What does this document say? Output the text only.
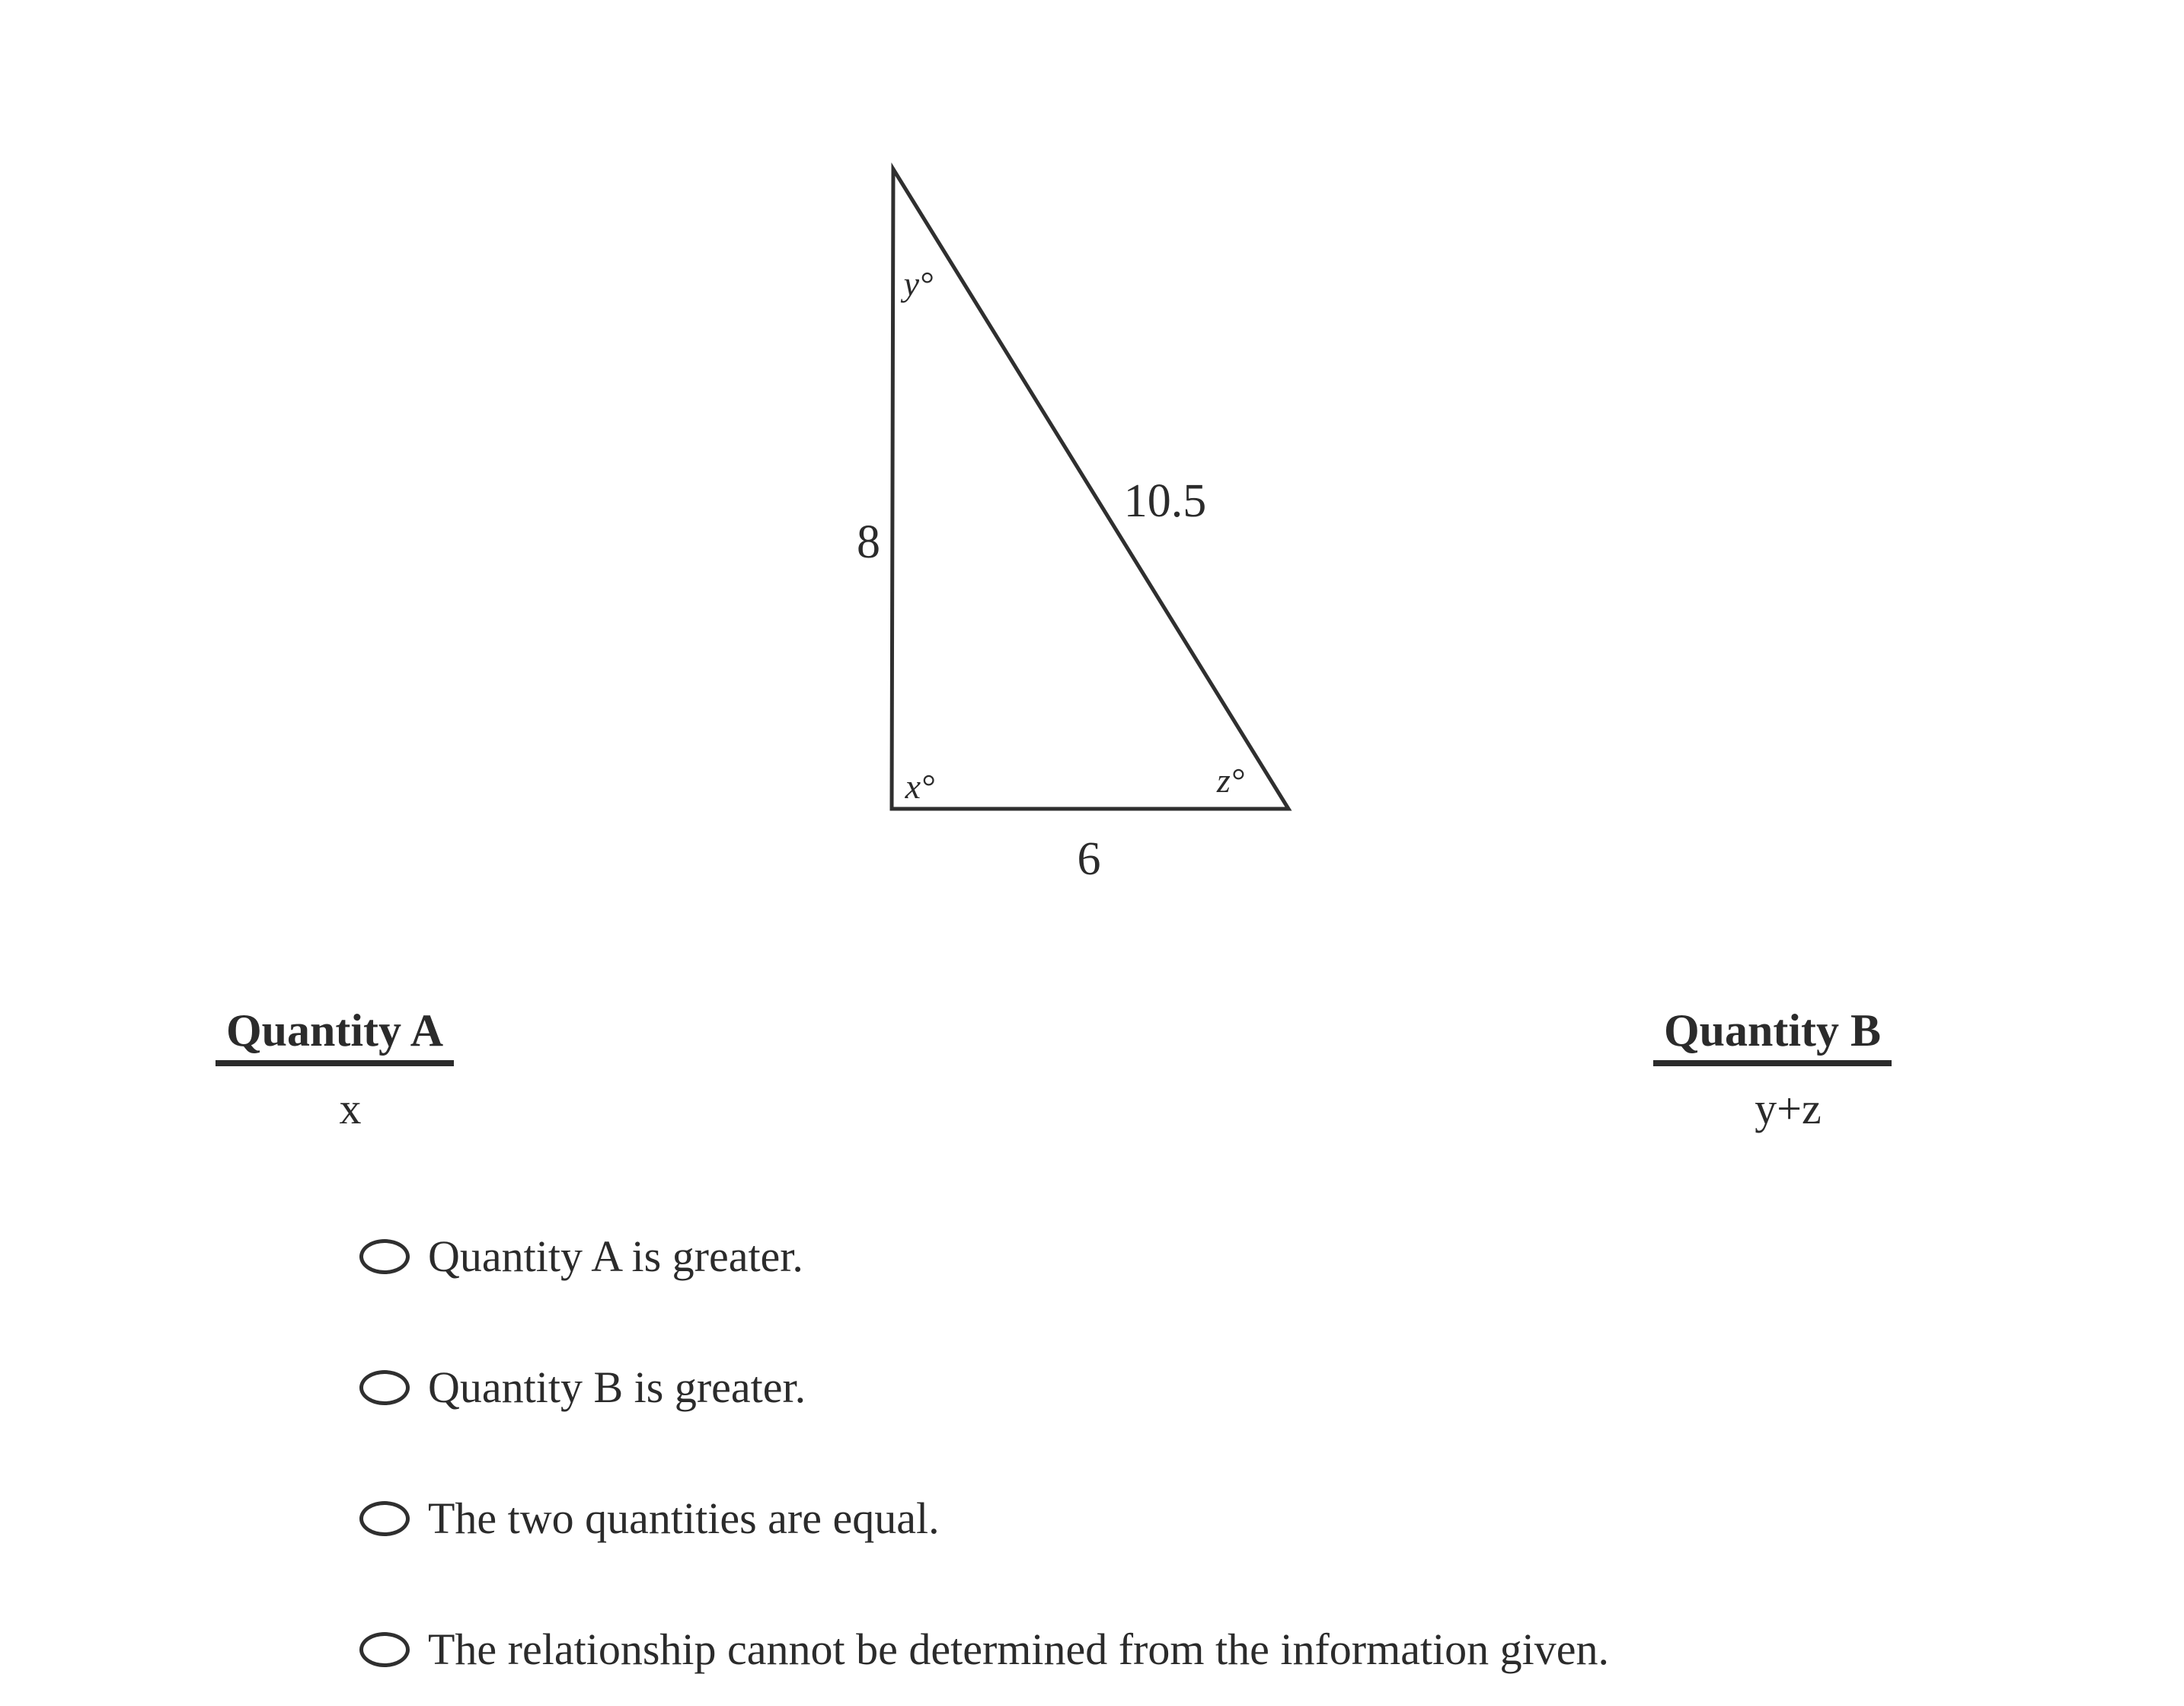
8
10.5
6
y°
x°	z°
Quantity A
x
Quantity B
y+z
Quantity A is greater.
Quantity B is greater.
The two quantities are equal.
The relationship cannot be determined from the information given.
